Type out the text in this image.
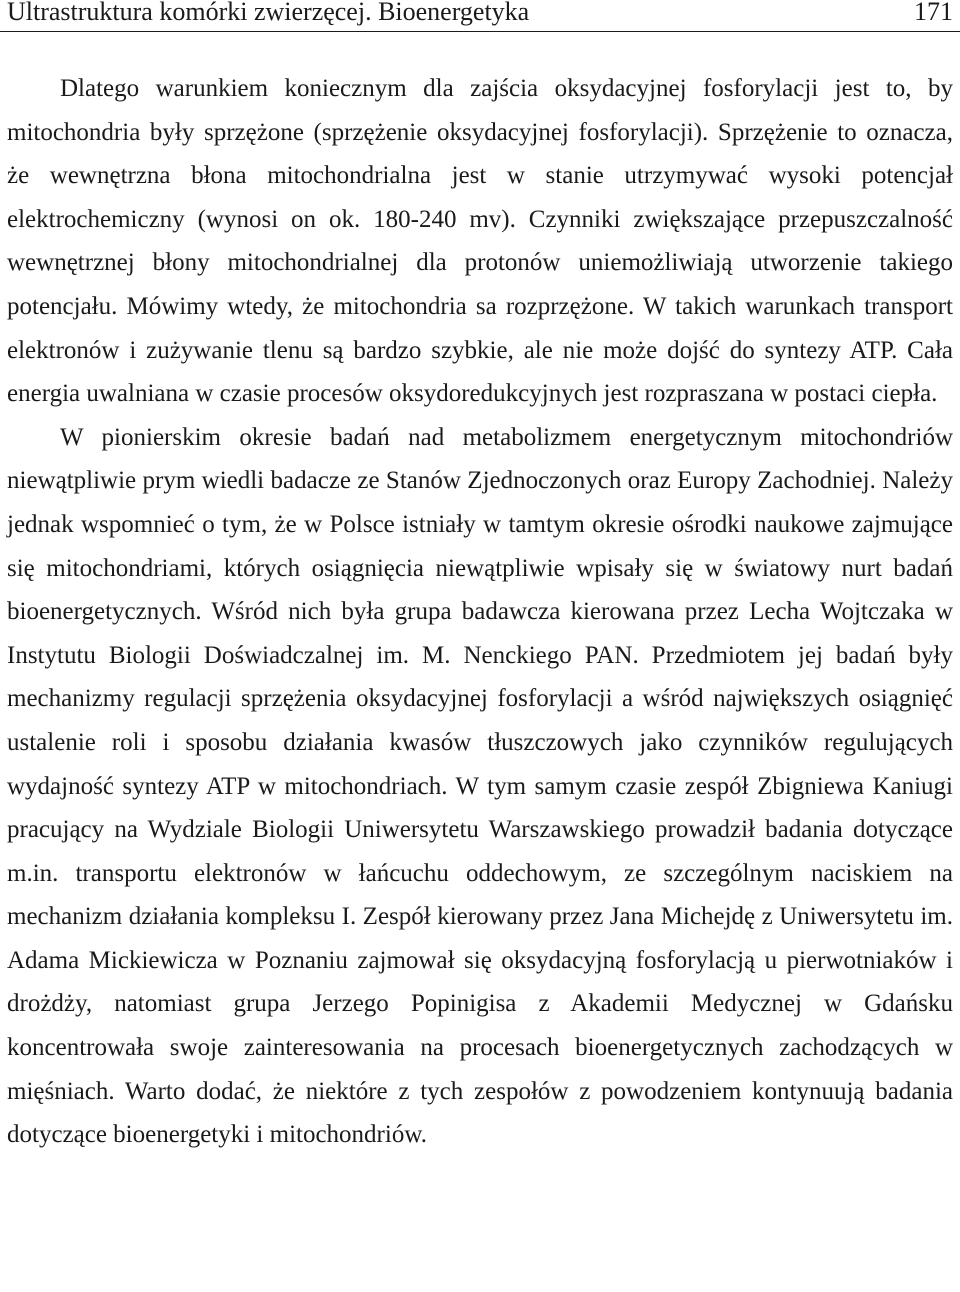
Ultrastruktura komórki zwierzęcej. Bioenergetyka	171

Dlatego warunkiem koniecznym dla zajścia oksydacyjnej fosforylacji jest to, by mitochondria były sprzężone (sprzężenie oksydacyjnej fosforylacji). Sprzężenie to oznacza, że wewnętrzna błona mitochondrialna jest w stanie utrzymywać wysoki potencjał elektrochemiczny (wynosi on ok. 180-240 mv). Czynniki zwiększające przepuszczalność wewnętrznej błony mitochondrialnej dla protonów uniemożliwiają utworzenie takiego potencjału. Mówimy wtedy, że mitochondria sa rozprzężone. W takich warunkach transport elektronów i zużywanie tlenu są bardzo szybkie, ale nie może dojść do syntezy ATP. Cała energia uwalniana w czasie procesów oksydoredukcyjnych jest rozpraszana w postaci ciepła.

W pionierskim okresie badań nad metabolizmem energetycznym mitochondriów niewątpliwie prym wiedli badacze ze Stanów Zjednoczonych oraz Europy Zachodniej. Należy jednak wspomnieć o tym, że w Polsce istniały w tamtym okresie ośrodki naukowe zajmujące się mitochondriami, których osiągnięcia niewątpliwie wpisały się w światowy nurt badań bioenergetycznych. Wśród nich była grupa badawcza kierowana przez Lecha Wojtczaka w Instytutu Biologii Doświadczalnej im. M. Nenckiego PAN. Przedmiotem jej badań były mechanizmy regulacji sprzężenia oksydacyjnej fosforylacji a wśród największych osiągnięć ustalenie roli i sposobu działania kwasów tłuszczowych jako czynników regulujących wydajność syntezy ATP w mitochondriach. W tym samym czasie zespół Zbigniewa Kaniugi pracujący na Wydziale Biologii Uniwersytetu Warszawskiego prowadził badania dotyczące m.in. transportu elektronów w łańcuchu oddechowym, ze szczególnym naciskiem na mechanizm działania kompleksu I. Zespół kierowany przez Jana Michejdę z Uniwersytetu im. Adama Mickiewicza w Poznaniu zajmował się oksydacyjną fosforylacją u pierwotniaków i drożdży, natomiast grupa Jerzego Popinigisa z Akademii Medycznej w Gdańsku koncentrowała swoje zainteresowania na procesach bioenergetycznych zachodzących w mięśniach. Warto dodać, że niektóre z tych zespołów z powodzeniem kontynuują badania dotyczące bioenergetyki i mitochondriów.
